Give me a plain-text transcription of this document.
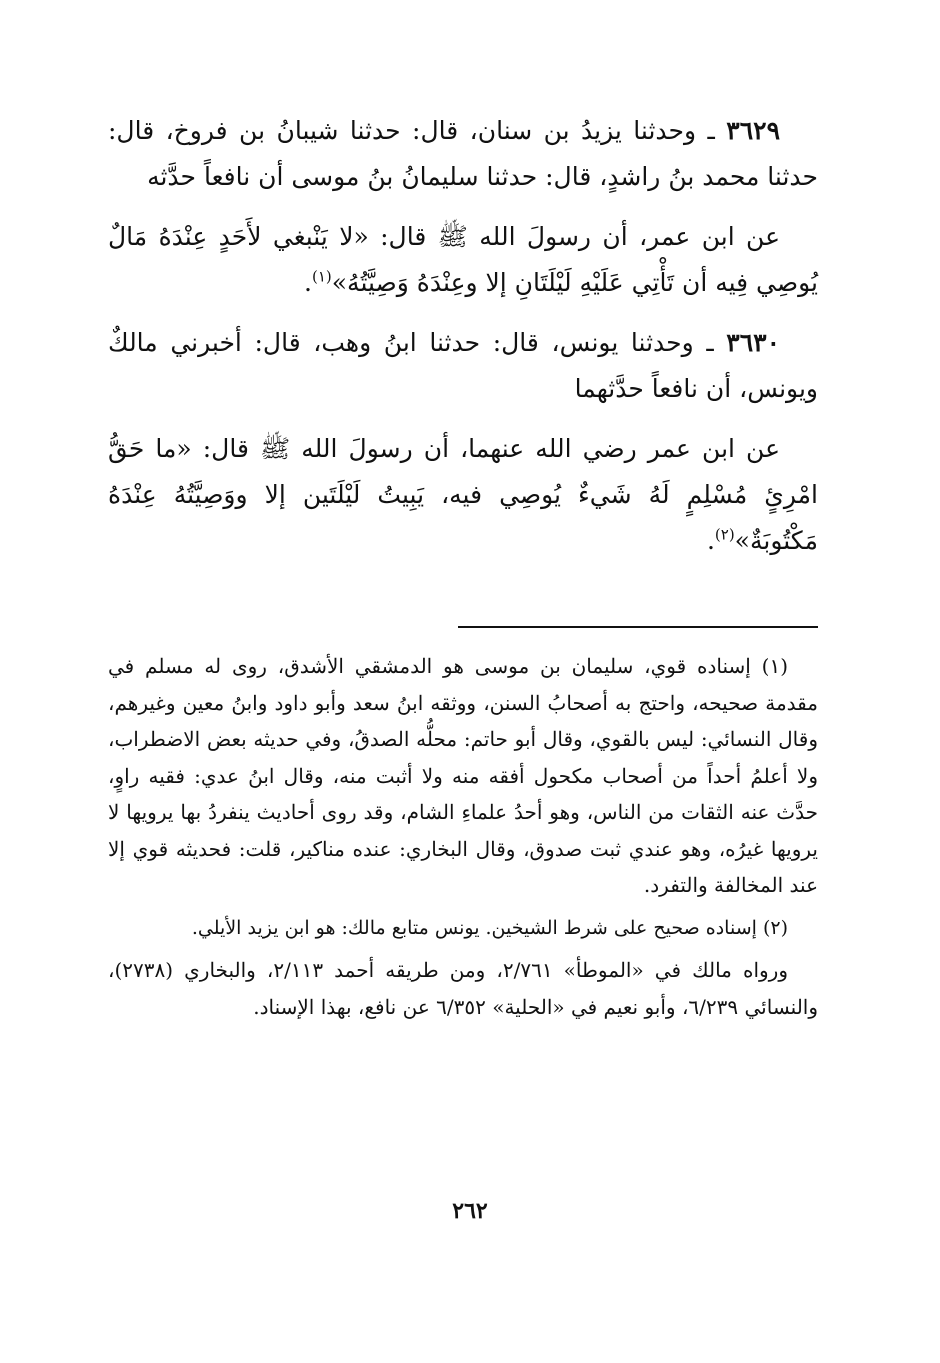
٣٦٢٩ ـ وحدثنا يزيدُ بن سنان، قال: حدثنا شيبانُ بن فروخ، قال: حدثنا محمد بنُ راشدٍ، قال: حدثنا سليمانُ بنُ موسى أن نافعاً حدَّثه

عن ابن عمر، أن رسولَ الله ﷺ قال: «لا يَنْبغي لأَحَدٍ عِنْدَهُ مَالٌ يُوصِي فِيه أن تَأْتِي عَلَيْهِ لَيْلَتَانِ إلا وعِنْدَهُ وَصِيَّتُهُ»$^{(١)}$.

٣٦٣٠ ـ وحدثنا يونس، قال: حدثنا ابنُ وهب، قال: أخبرني مالكٌ ويونس، أن نافعاً حدَّثهما

عن ابن عمر رضي الله عنهما، أن رسولَ الله ﷺ قال: «ما حَقُّ امْرِئٍ مُسْلِمٍ لَهُ شَيءٌ يُوصِي فيه، يَبِيتُ لَيْلَتَين إلا ووَصِيَّتُهُ عِنْدَهُ مَكْتُوبَةٌ»$^{(٢)}$.

(١) إسناده قوي، سليمان بن موسى هو الدمشقي الأشدق، روى له مسلم في مقدمة صحيحه، واحتج به أصحابُ السنن، ووثقه ابنُ سعد وأبو داود وابنُ معين وغيرهم، وقال النسائي: ليس بالقوي، وقال أبو حاتم: محلُّه الصدقُ، وفي حديثه بعض الاضطراب، ولا أعلمُ أحداً من أصحاب مكحول أفقه منه ولا أثبت منه، وقال ابنُ عدي: فقيه راوٍ، حدَّث عنه الثقات من الناس، وهو أحدُ علماءِ الشام، وقد روى أحاديث ينفردُ بها يرويها لا يرويها غيرُه، وهو عندي ثبت صدوق، وقال البخاري: عنده مناكير، قلت: فحديثه قوي إلا عند المخالفة والتفرد.

(٢) إسناده صحيح على شرط الشيخين. يونس متابع مالك: هو ابن يزيد الأيلي.

ورواه مالك في «الموطأ» ٢/٧٦١، ومن طريقه أحمد ٢/١١٣، والبخاري (٢٧٣٨)، والنسائي ٦/٢٣٩، وأبو نعيم في «الحلية» ٦/٣٥٢ عن نافع، بهذا الإسناد.

٢٦٢
